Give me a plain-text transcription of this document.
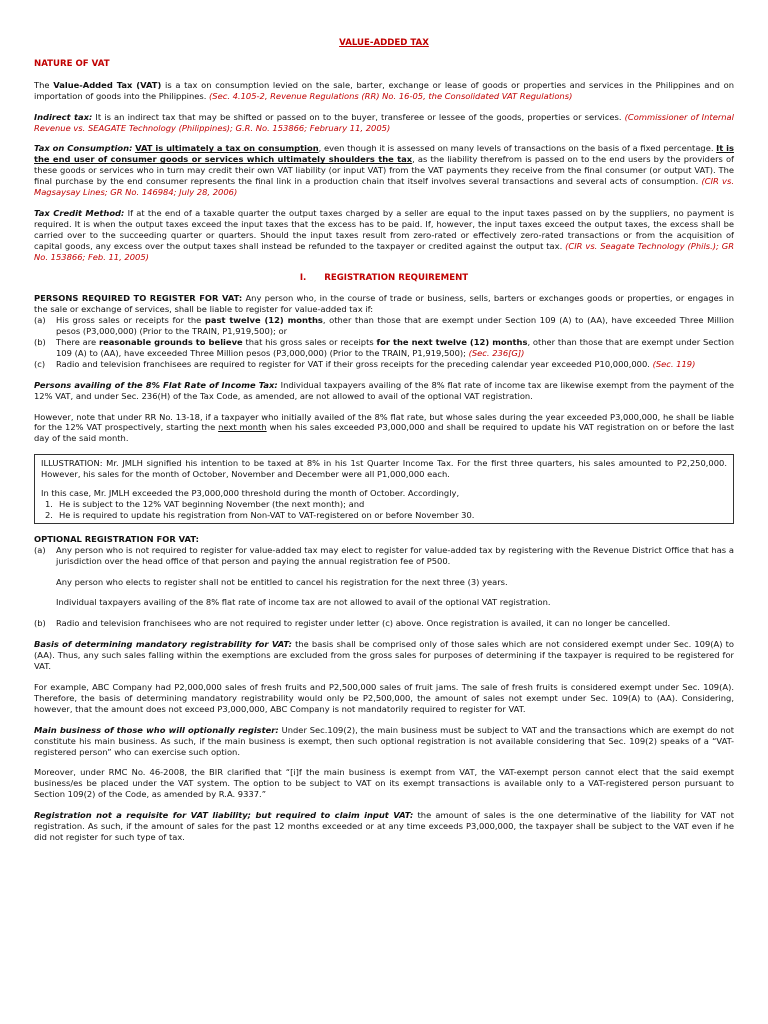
VALUE-ADDED TAX
NATURE OF VAT

The Value-Added Tax (VAT) is a tax on consumption levied on the sale, barter, exchange or lease of goods or properties and services in the Philippines and on importation of goods into the Philippines. (Sec. 4.105-2, Revenue Regulations (RR) No. 16-05, the Consolidated VAT Regulations)

Indirect tax: It is an indirect tax that may be shifted or passed on to the buyer, transferee or lessee of the goods, properties or services. (Commissioner of Internal Revenue vs. SEAGATE Technology (Philippines); G.R. No. 153866; February 11, 2005)

Tax on Consumption: VAT is ultimately a tax on consumption, even though it is assessed on many levels of transactions on the basis of a fixed percentage. It is the end user of consumer goods or services which ultimately shoulders the tax, as the liability therefrom is passed on to the end users by the providers of these goods or services who in turn may credit their own VAT liability (or input VAT) from the VAT payments they receive from the final consumer (or output VAT). The final purchase by the end consumer represents the final link in a production chain that itself involves several transactions and several acts of consumption. (CIR vs. Magsaysay Lines; GR No. 146984; July 28, 2006)

Tax Credit Method: If at the end of a taxable quarter the output taxes charged by a seller are equal to the input taxes passed on by the suppliers, no payment is required. It is when the output taxes exceed the input taxes that the excess has to be paid. If, however, the input taxes exceed the output taxes, the excess shall be carried over to the succeeding quarter or quarters. Should the input taxes result from zero-rated or effectively zero-rated transactions or from the acquisition of capital goods, any excess over the output taxes shall instead be refunded to the taxpayer or credited against the output tax. (CIR vs. Seagate Technology (Phils.); GR No. 153866; Feb. 11, 2005)

I.      REGISTRATION REQUIREMENT

PERSONS REQUIRED TO REGISTER FOR VAT: Any person who, in the course of trade or business, sells, barters or exchanges goods or properties, or engages in the sale or exchange of services, shall be liable to register for value-added tax if:

(a) His gross sales or receipts for the past twelve (12) months, other than those that are exempt under Section 109 (A) to (AA), have exceeded Three Million pesos (P3,000,000) (Prior to the TRAIN, P1,919,500); or
(b) There are reasonable grounds to believe that his gross sales or receipts for the next twelve (12) months, other than those that are exempt under Section 109 (A) to (AA), have exceeded Three Million pesos (P3,000,000) (Prior to the TRAIN, P1,919,500); (Sec. 236[G])
(c) Radio and television franchisees are required to register for VAT if their gross receipts for the preceding calendar year exceeded P10,000,000. (Sec. 119)

Persons availing of the 8% Flat Rate of Income Tax: Individual taxpayers availing of the 8% flat rate of income tax are likewise exempt from the payment of the 12% VAT, and under Sec. 236(H) of the Tax Code, as amended, are not allowed to avail of the optional VAT registration.

However, note that under RR No. 13-18, if a taxpayer who initially availed of the 8% flat rate, but whose sales during the year exceeded P3,000,000, he shall be liable for the 12% VAT prospectively, starting the next month when his sales exceeded P3,000,000 and shall be required to update his VAT registration on or before the last day of the said month.

ILLUSTRATION: Mr. JMLH signified his intention to be taxed at 8% in his 1st Quarter Income Tax. For the first three quarters, his sales amounted to P2,250,000. However, his sales for the month of October, November and December were all P1,000,000 each.

In this case, Mr. JMLH exceeded the P3,000,000 threshold during the month of October. Accordingly,

1. He is subject to the 12% VAT beginning November (the next month); and
2. He is required to update his registration from Non-VAT to VAT-registered on or before November 30.
OPTIONAL REGISTRATION FOR VAT:
(a) Any person who is not required to register for value-added tax may elect to register for value-added tax by registering with the Revenue District Office that has a jurisdiction over the head office of that person and paying the annual registration fee of P500.

Any person who elects to register shall not be entitled to cancel his registration for the next three (3) years.

Individual taxpayers availing of the 8% flat rate of income tax are not allowed to avail of the optional VAT registration.

(b) Radio and television franchisees who are not required to register under letter (c) above. Once registration is availed, it can no longer be cancelled.

Basis of determining mandatory registrability for VAT: the basis shall be comprised only of those sales which are not considered exempt under Sec. 109(A) to (AA). Thus, any such sales falling within the exemptions are excluded from the gross sales for purposes of determining if the taxpayer is required to be registered for VAT.

For example, ABC Company had P2,000,000 sales of fresh fruits and P2,500,000 sales of fruit jams. The sale of fresh fruits is considered exempt under Sec. 109(A). Therefore, the basis of determining mandatory registrability would only be P2,500,000, the amount of sales not exempt under Sec. 109(A) to (AA). Considering, however, that the amount does not exceed P3,000,000, ABC Company is not mandatorily required to register for VAT.

Main business of those who will optionally register: Under Sec.109(2), the main business must be subject to VAT and the transactions which are exempt do not constitute his main business. As such, if the main business is exempt, then such optional registration is not available considering that Sec. 109(2) speaks of a “VAT-registered person” who can exercise such option.

Moreover, under RMC No. 46-2008, the BIR clarified that “[i]f the main business is exempt from VAT, the VAT-exempt person cannot elect that the said exempt business/es be placed under the VAT system. The option to be subject to VAT on its exempt transactions is available only to a VAT-registered person pursuant to Section 109(2) of the Code, as amended by R.A. 9337.”

Registration not a requisite for VAT liability; but required to claim input VAT: the amount of sales is the one determinative of the liability for VAT not registration. As such, if the amount of sales for the past 12 months exceeded or at any time exceeds P3,000,000, the taxpayer shall be subject to the VAT even if he did not register for such type of tax.
